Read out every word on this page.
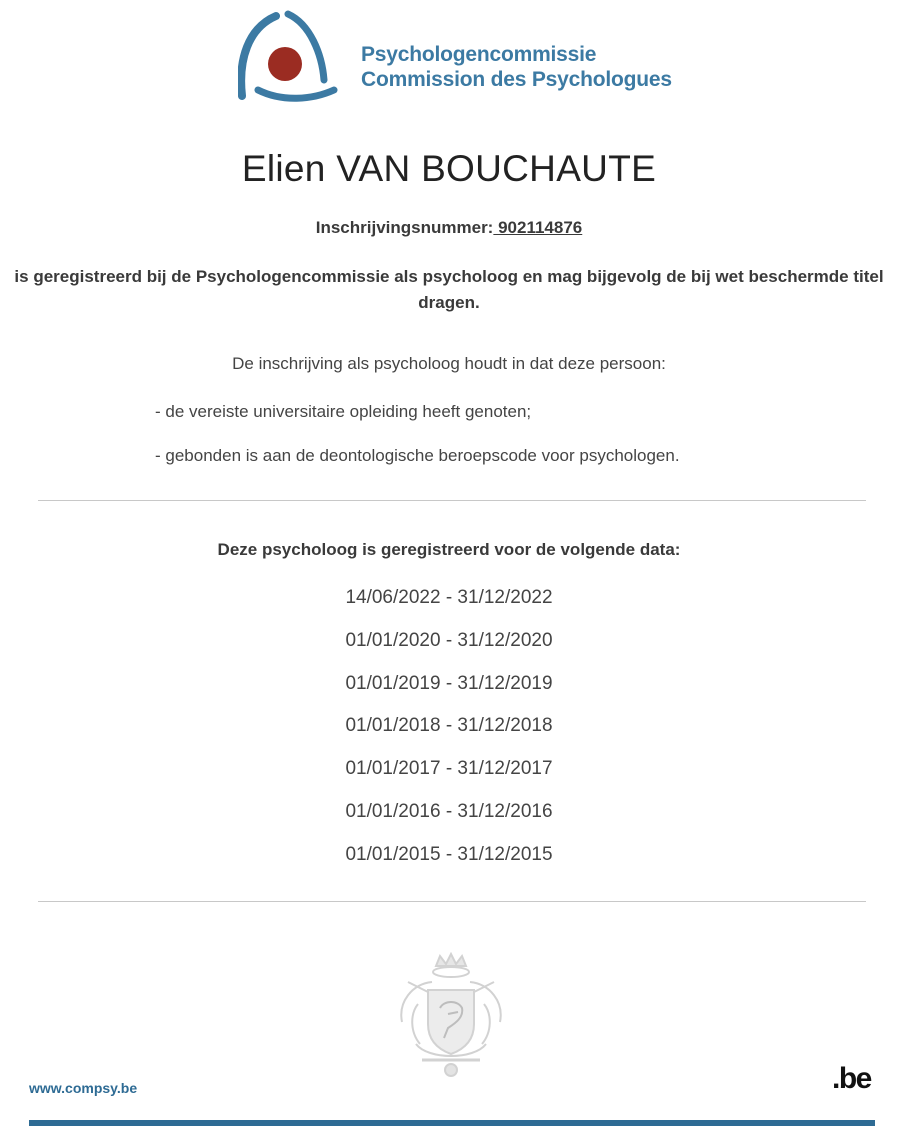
Psychologencommissie
Commission des Psychologues
Elien VAN BOUCHAUTE
Inschrijvingsnummer: 902114876
is geregistreerd bij de Psychologencommissie als psycholoog en mag bijgevolg de bij wet beschermde titel dragen.
De inschrijving als psycholoog houdt in dat deze persoon:
- de vereiste universitaire opleiding heeft genoten;
- gebonden is aan de deontologische beroepscode voor psychologen.
Deze psycholoog is geregistreerd voor de volgende data:
14/06/2022 - 31/12/2022
01/01/2020 - 31/12/2020
01/01/2019 - 31/12/2019
01/01/2018 - 31/12/2018
01/01/2017 - 31/12/2017
01/01/2016 - 31/12/2016
01/01/2015 - 31/12/2015
www.compsy.be	.be
